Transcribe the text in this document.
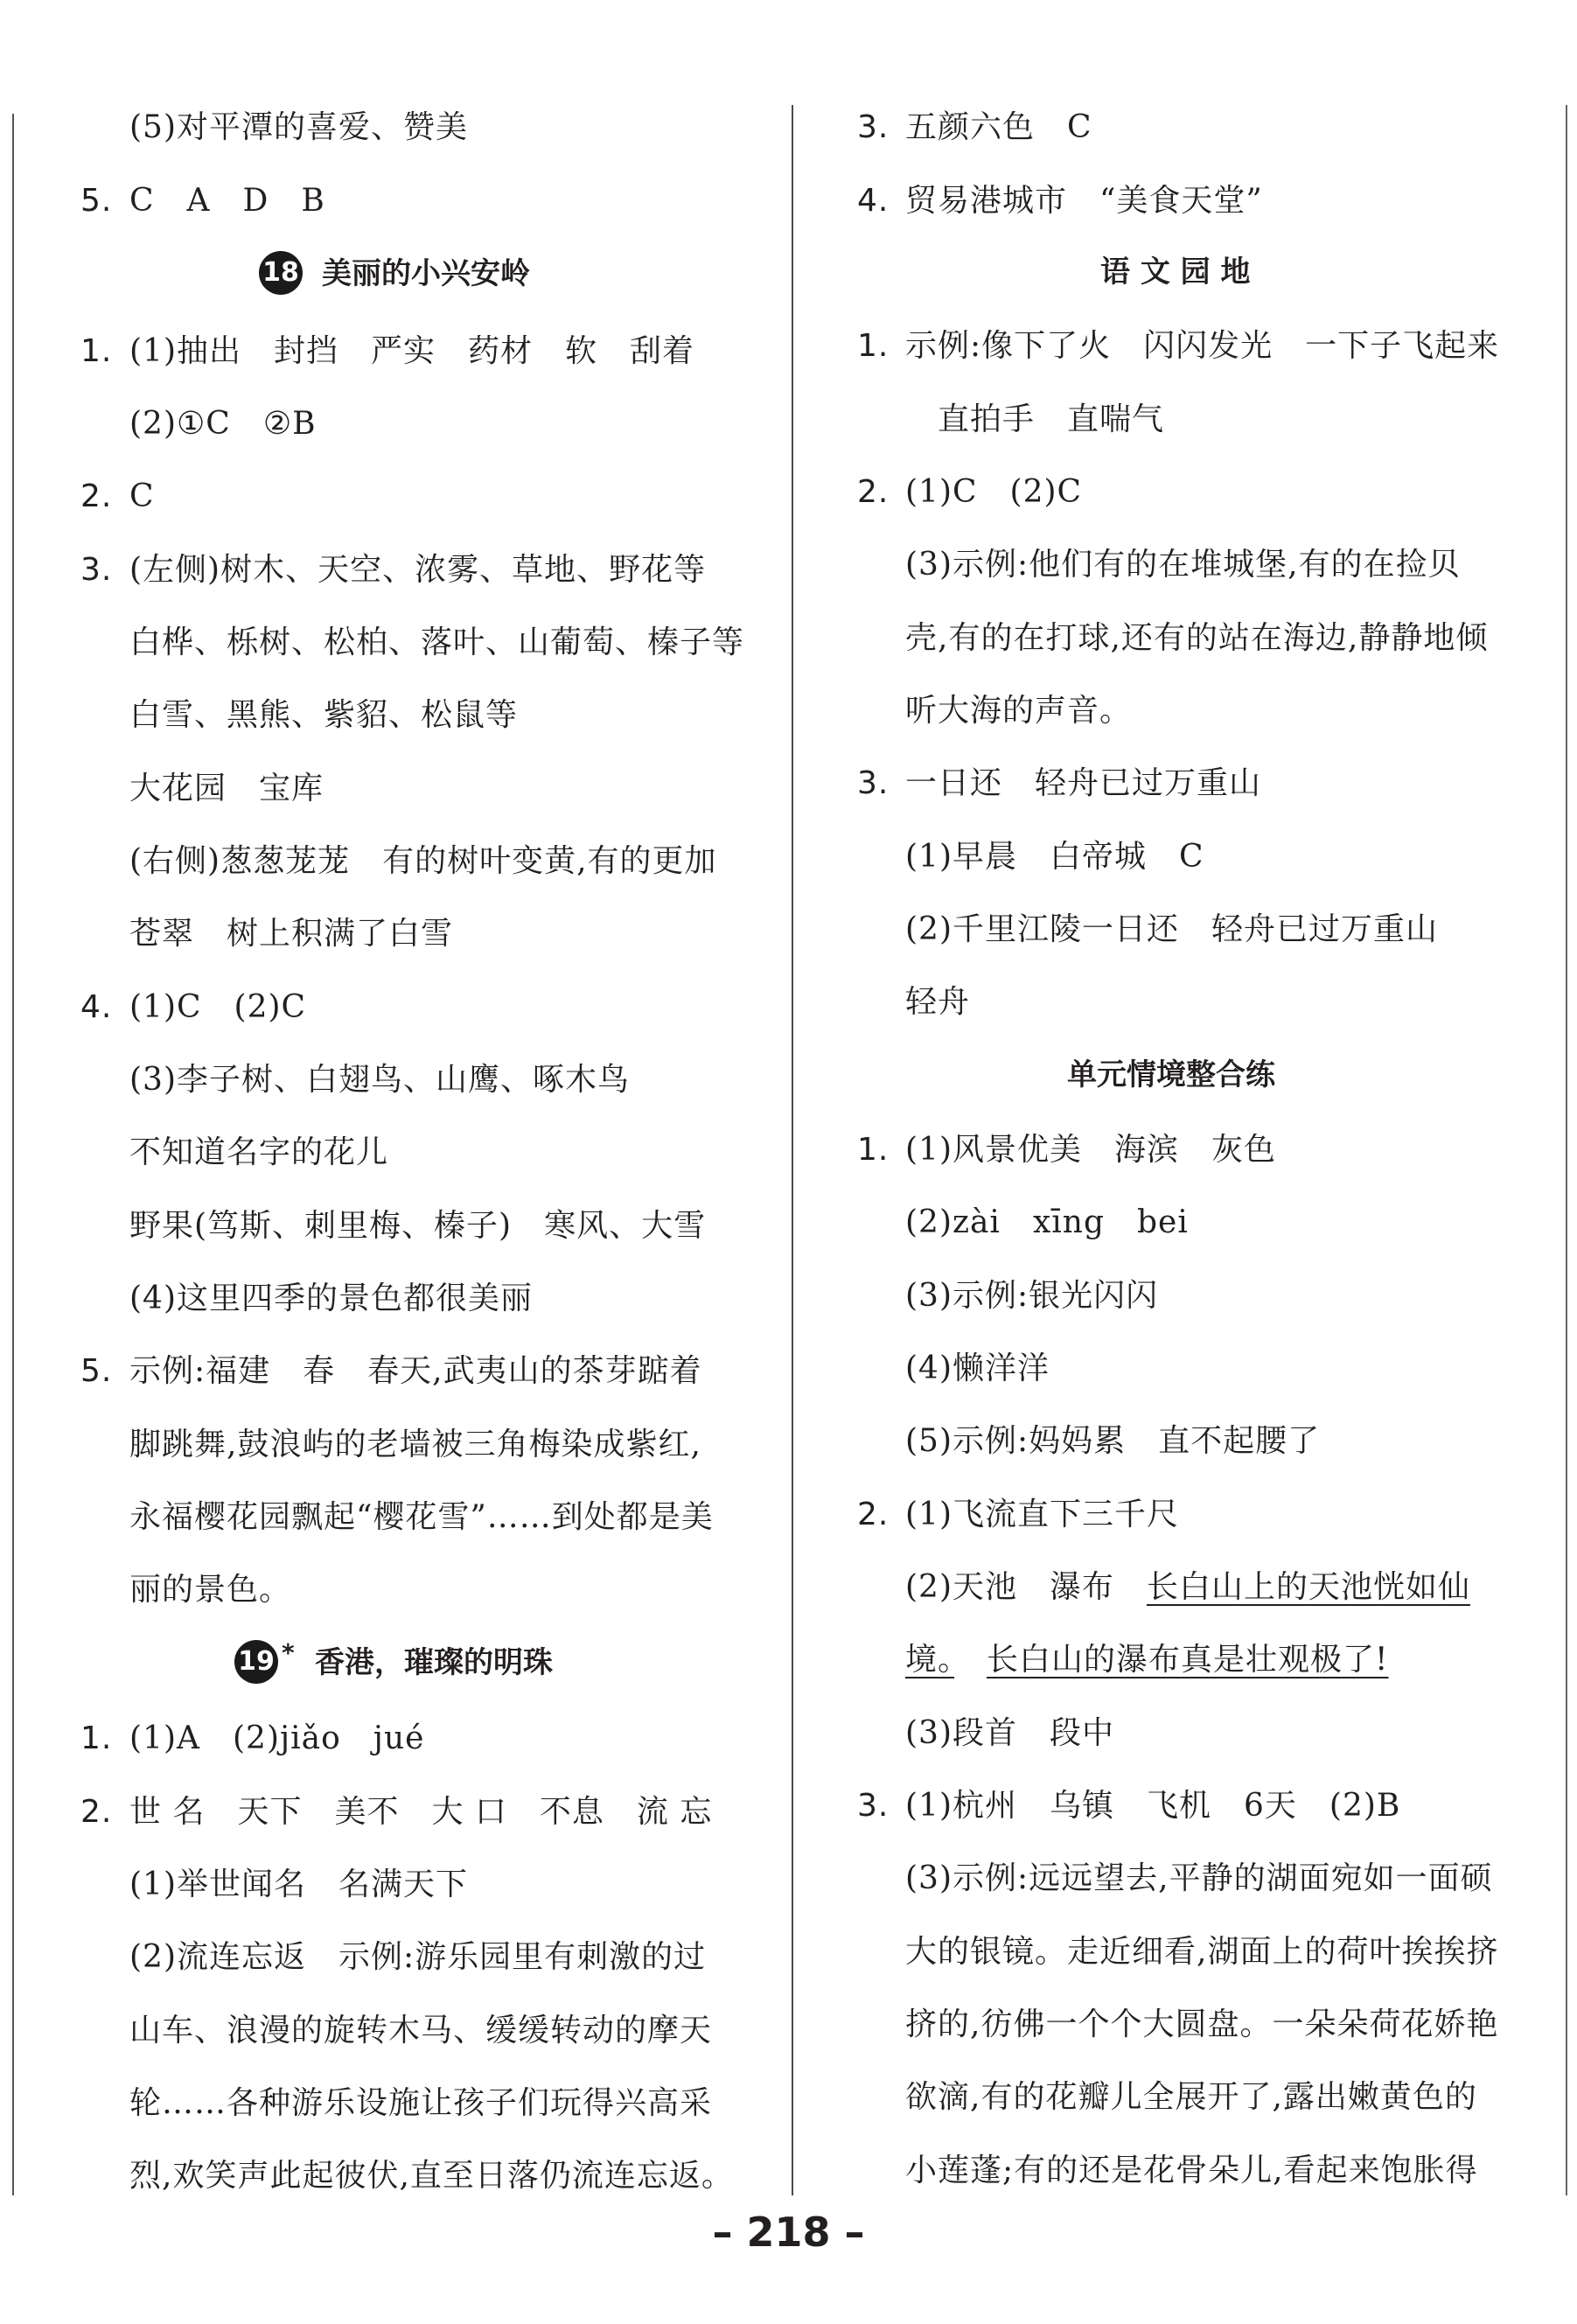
(5)对平潭的喜爱、赞美
5. C　A　D　B
18 美丽的小兴安岭
1. (1)抽出　封挡　严实　药材　软　刮着
(2)①C　②B
2. C
3. (左侧)树木、天空、浓雾、草地、野花等
白桦、栎树、松柏、落叶、山葡萄、榛子等
白雪、黑熊、紫貂、松鼠等
大花园　宝库
(右侧)葱葱茏茏　有的树叶变黄,有的更加
苍翠　树上积满了白雪
4. (1)C　(2)C
(3)李子树、白翅鸟、山鹰、啄木鸟
不知道名字的花儿
野果(笃斯、刺里梅、榛子)　寒风、大雪
(4)这里四季的景色都很美丽
5. 示例:福建　春　春天,武夷山的茶芽踮着
脚跳舞,鼓浪屿的老墙被三角梅染成紫红,
永福樱花园飘起“樱花雪”……到处都是美
丽的景色。
19 * 香港，璀璨的明珠
1. (1)A　(2)jiǎo　jué
2. 世 名　天下　美不　大 口　不息　流 忘
(1)举世闻名　名满天下
(2)流连忘返　示例:游乐园里有刺激的过
山车、浪漫的旋转木马、缓缓转动的摩天
轮……各种游乐设施让孩子们玩得兴高采
烈,欢笑声此起彼伏,直至日落仍流连忘返。
3. 五颜六色　C
4. 贸易港城市　“美食天堂”
语 文 园 地
1. 示例:像下了火　闪闪发光　一下子飞起来
直拍手　直喘气
2. (1)C　(2)C
(3)示例:他们有的在堆城堡,有的在捡贝
壳,有的在打球,还有的站在海边,静静地倾
听大海的声音。
3. 一日还　轻舟已过万重山
(1)早晨　白帝城　C
(2)千里江陵一日还　轻舟已过万重山
轻舟
单元情境整合练
1. (1)风景优美　海滨　灰色
(2)zài　xīng　bei
(3)示例:银光闪闪
(4)懒洋洋
(5)示例:妈妈累　直不起腰了
2. (1)飞流直下三千尺
(2)天池　瀑布　长白山上的天池恍如仙
境。　 长白山的瀑布真是壮观极了!
(3)段首　段中
3. (1)杭州　乌镇　飞机　6天　(2)B
(3)示例:远远望去,平静的湖面宛如一面硕
大的银镜。走近细看,湖面上的荷叶挨挨挤
挤的,彷佛一个个大圆盘。一朵朵荷花娇艳
欲滴,有的花瓣儿全展开了,露出嫩黄色的
小莲蓬;有的还是花骨朵儿,看起来饱胀得
– 218 –
